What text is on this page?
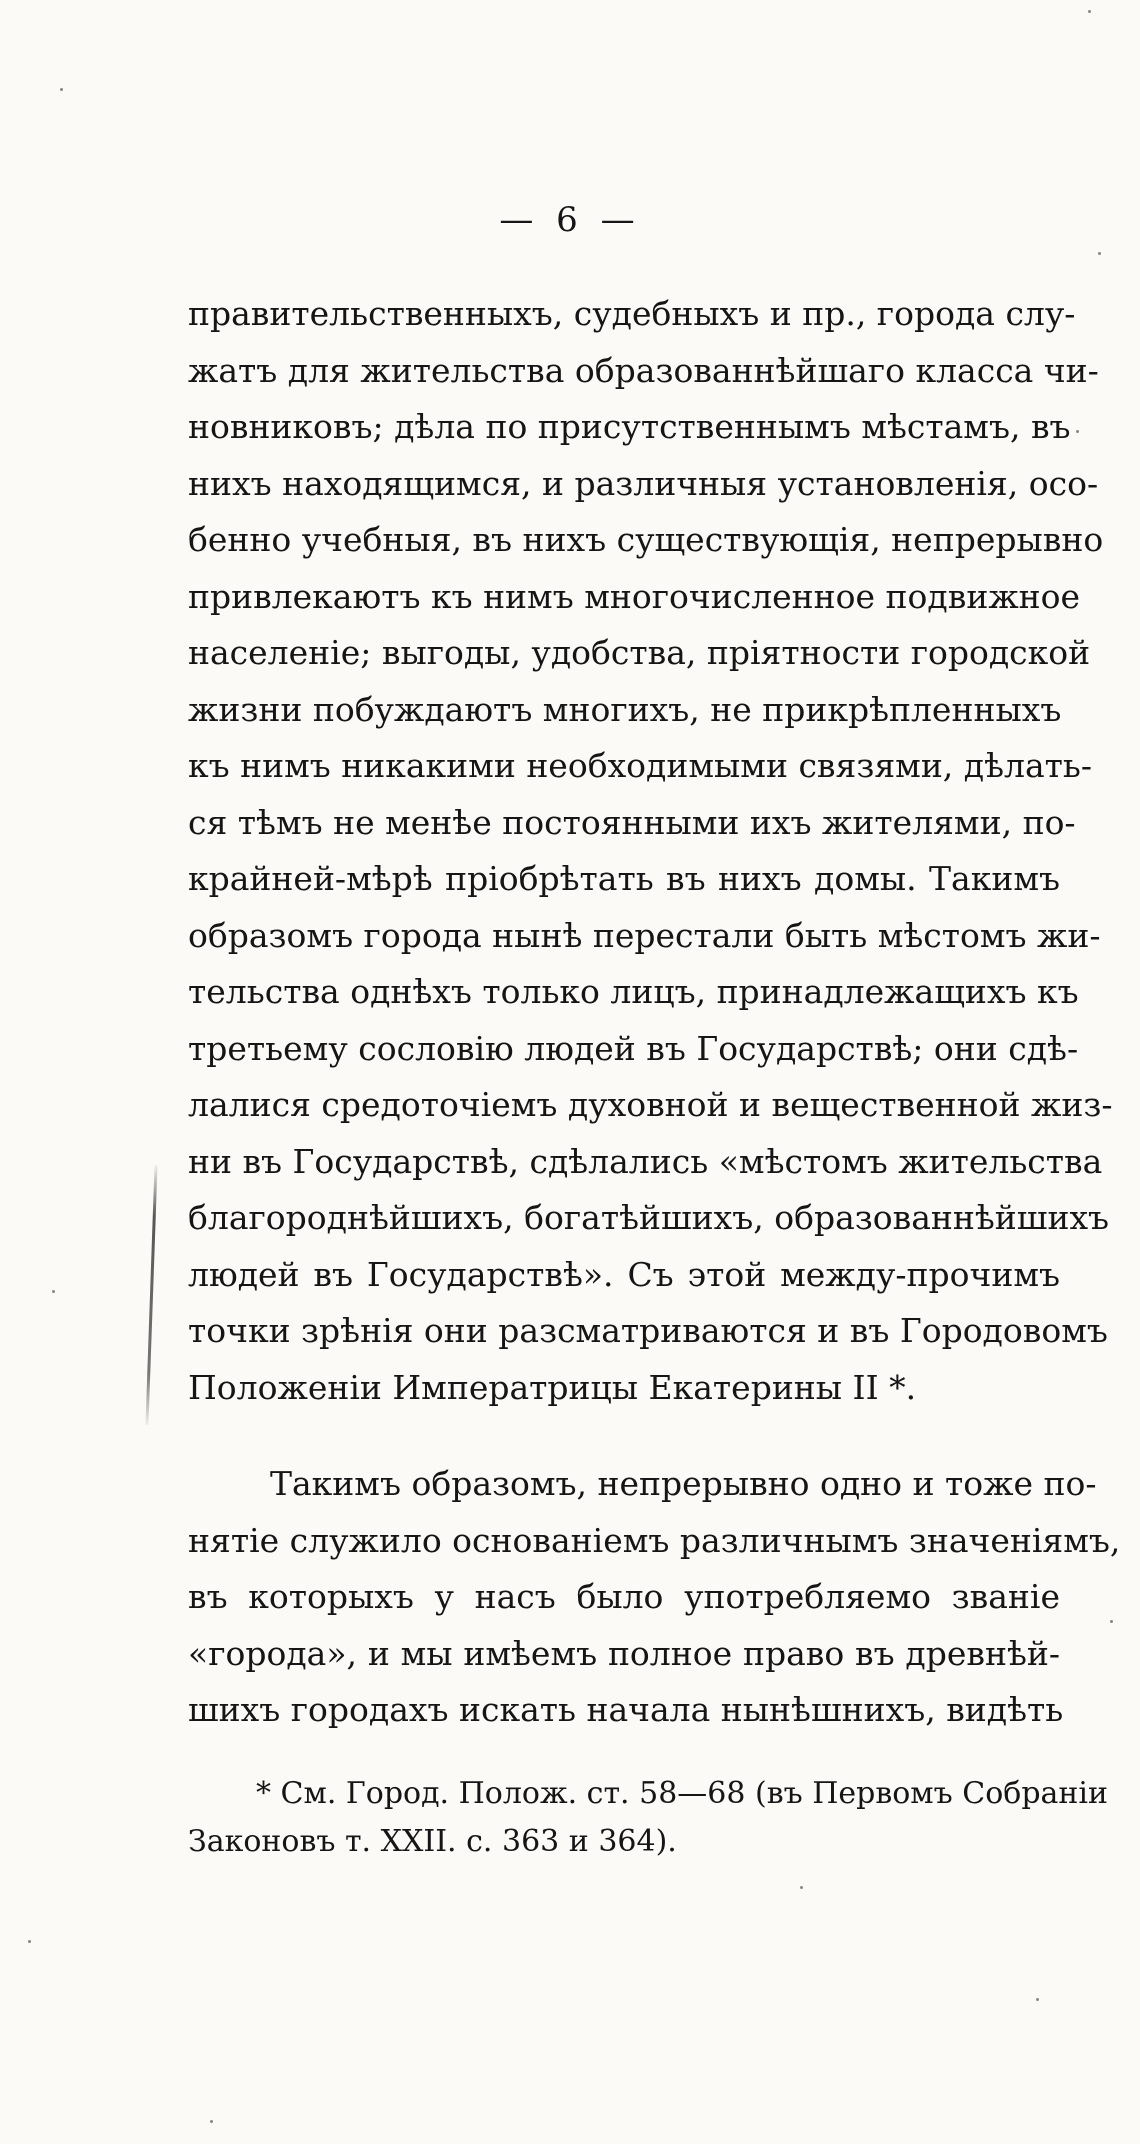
— 6 —
правительственныхъ, судебныхъ и пр., города слу-
жатъ для жительства образованнѣйшаго класса чи-
новниковъ; дѣла по присутственнымъ мѣстамъ, въ
нихъ находящимся, и различныя установленія, осо-
бенно учебныя, въ нихъ существующія, непрерывно
привлекаютъ къ нимъ многочисленное подвижное
населеніе; выгоды, удобства, пріятности городской
жизни побуждаютъ многихъ, не прикрѣпленныхъ
къ нимъ никакими необходимыми связями, дѣлать-
ся тѣмъ не менѣе постоянными ихъ жителями, по-
крайней-мѣрѣ пріобрѣтать въ нихъ домы. Такимъ
образомъ города нынѣ перестали быть мѣстомъ жи-
тельства однѣхъ только лицъ, принадлежащихъ къ
третьему сословію людей въ Государствѣ; они сдѣ-
лалися средоточіемъ духовной и вещественной жиз-
ни въ Государствѣ, сдѣлались «мѣстомъ жительства
благороднѣйшихъ, богатѣйшихъ, образованнѣйшихъ
людей въ Государствѣ». Съ этой между-прочимъ
точки зрѣнія они разсматриваются и въ Городовомъ
Положеніи Императрицы Екатерины II *.
Такимъ образомъ, непрерывно одно и тоже по-
нятіе служило основаніемъ различнымъ значеніямъ,
въ которыхъ у насъ было употребляемо званіе
«города», и мы имѣемъ полное право въ древнѣй-
шихъ городахъ искать начала нынѣшнихъ, видѣть
* См. Город. Полож. ст. 58—68 (въ Первомъ Собраніи
Законовъ т. XXII. с. 363 и 364).
